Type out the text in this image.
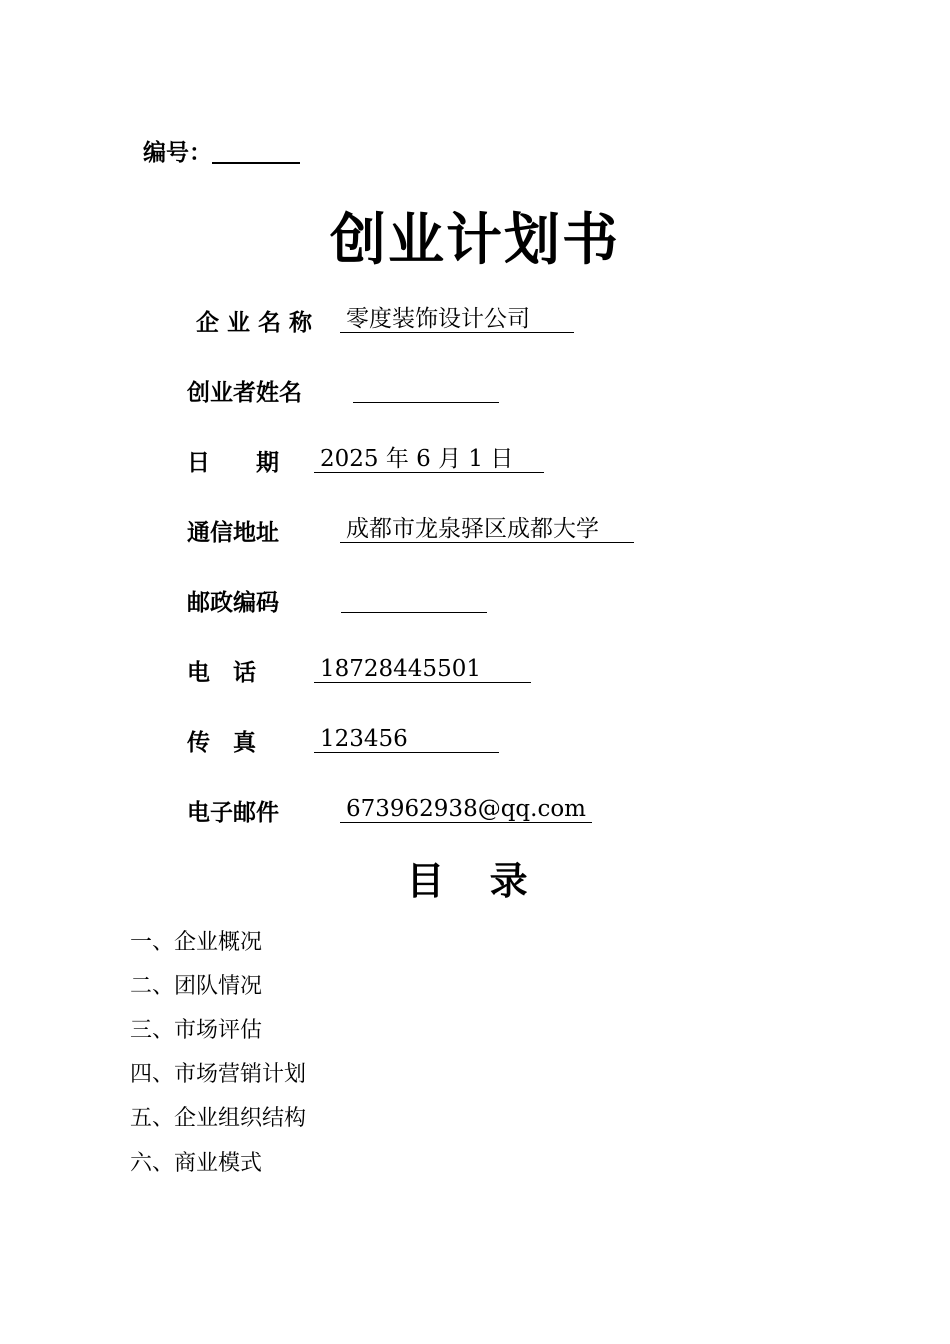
编号：
创业计划书
企 业 名 称 零度装饰设计公司
创业者姓名
日　　期 2025 年 6 月 1 日
通信地址	成都市龙泉驿区成都大学
邮政编码
电　话	18728445501
传　真	123456
电子邮件	673962938@qq.com
目 录
一、企业概况
二、团队情况
三、市场评估
四、市场营销计划
五、企业组织结构
六、商业模式
